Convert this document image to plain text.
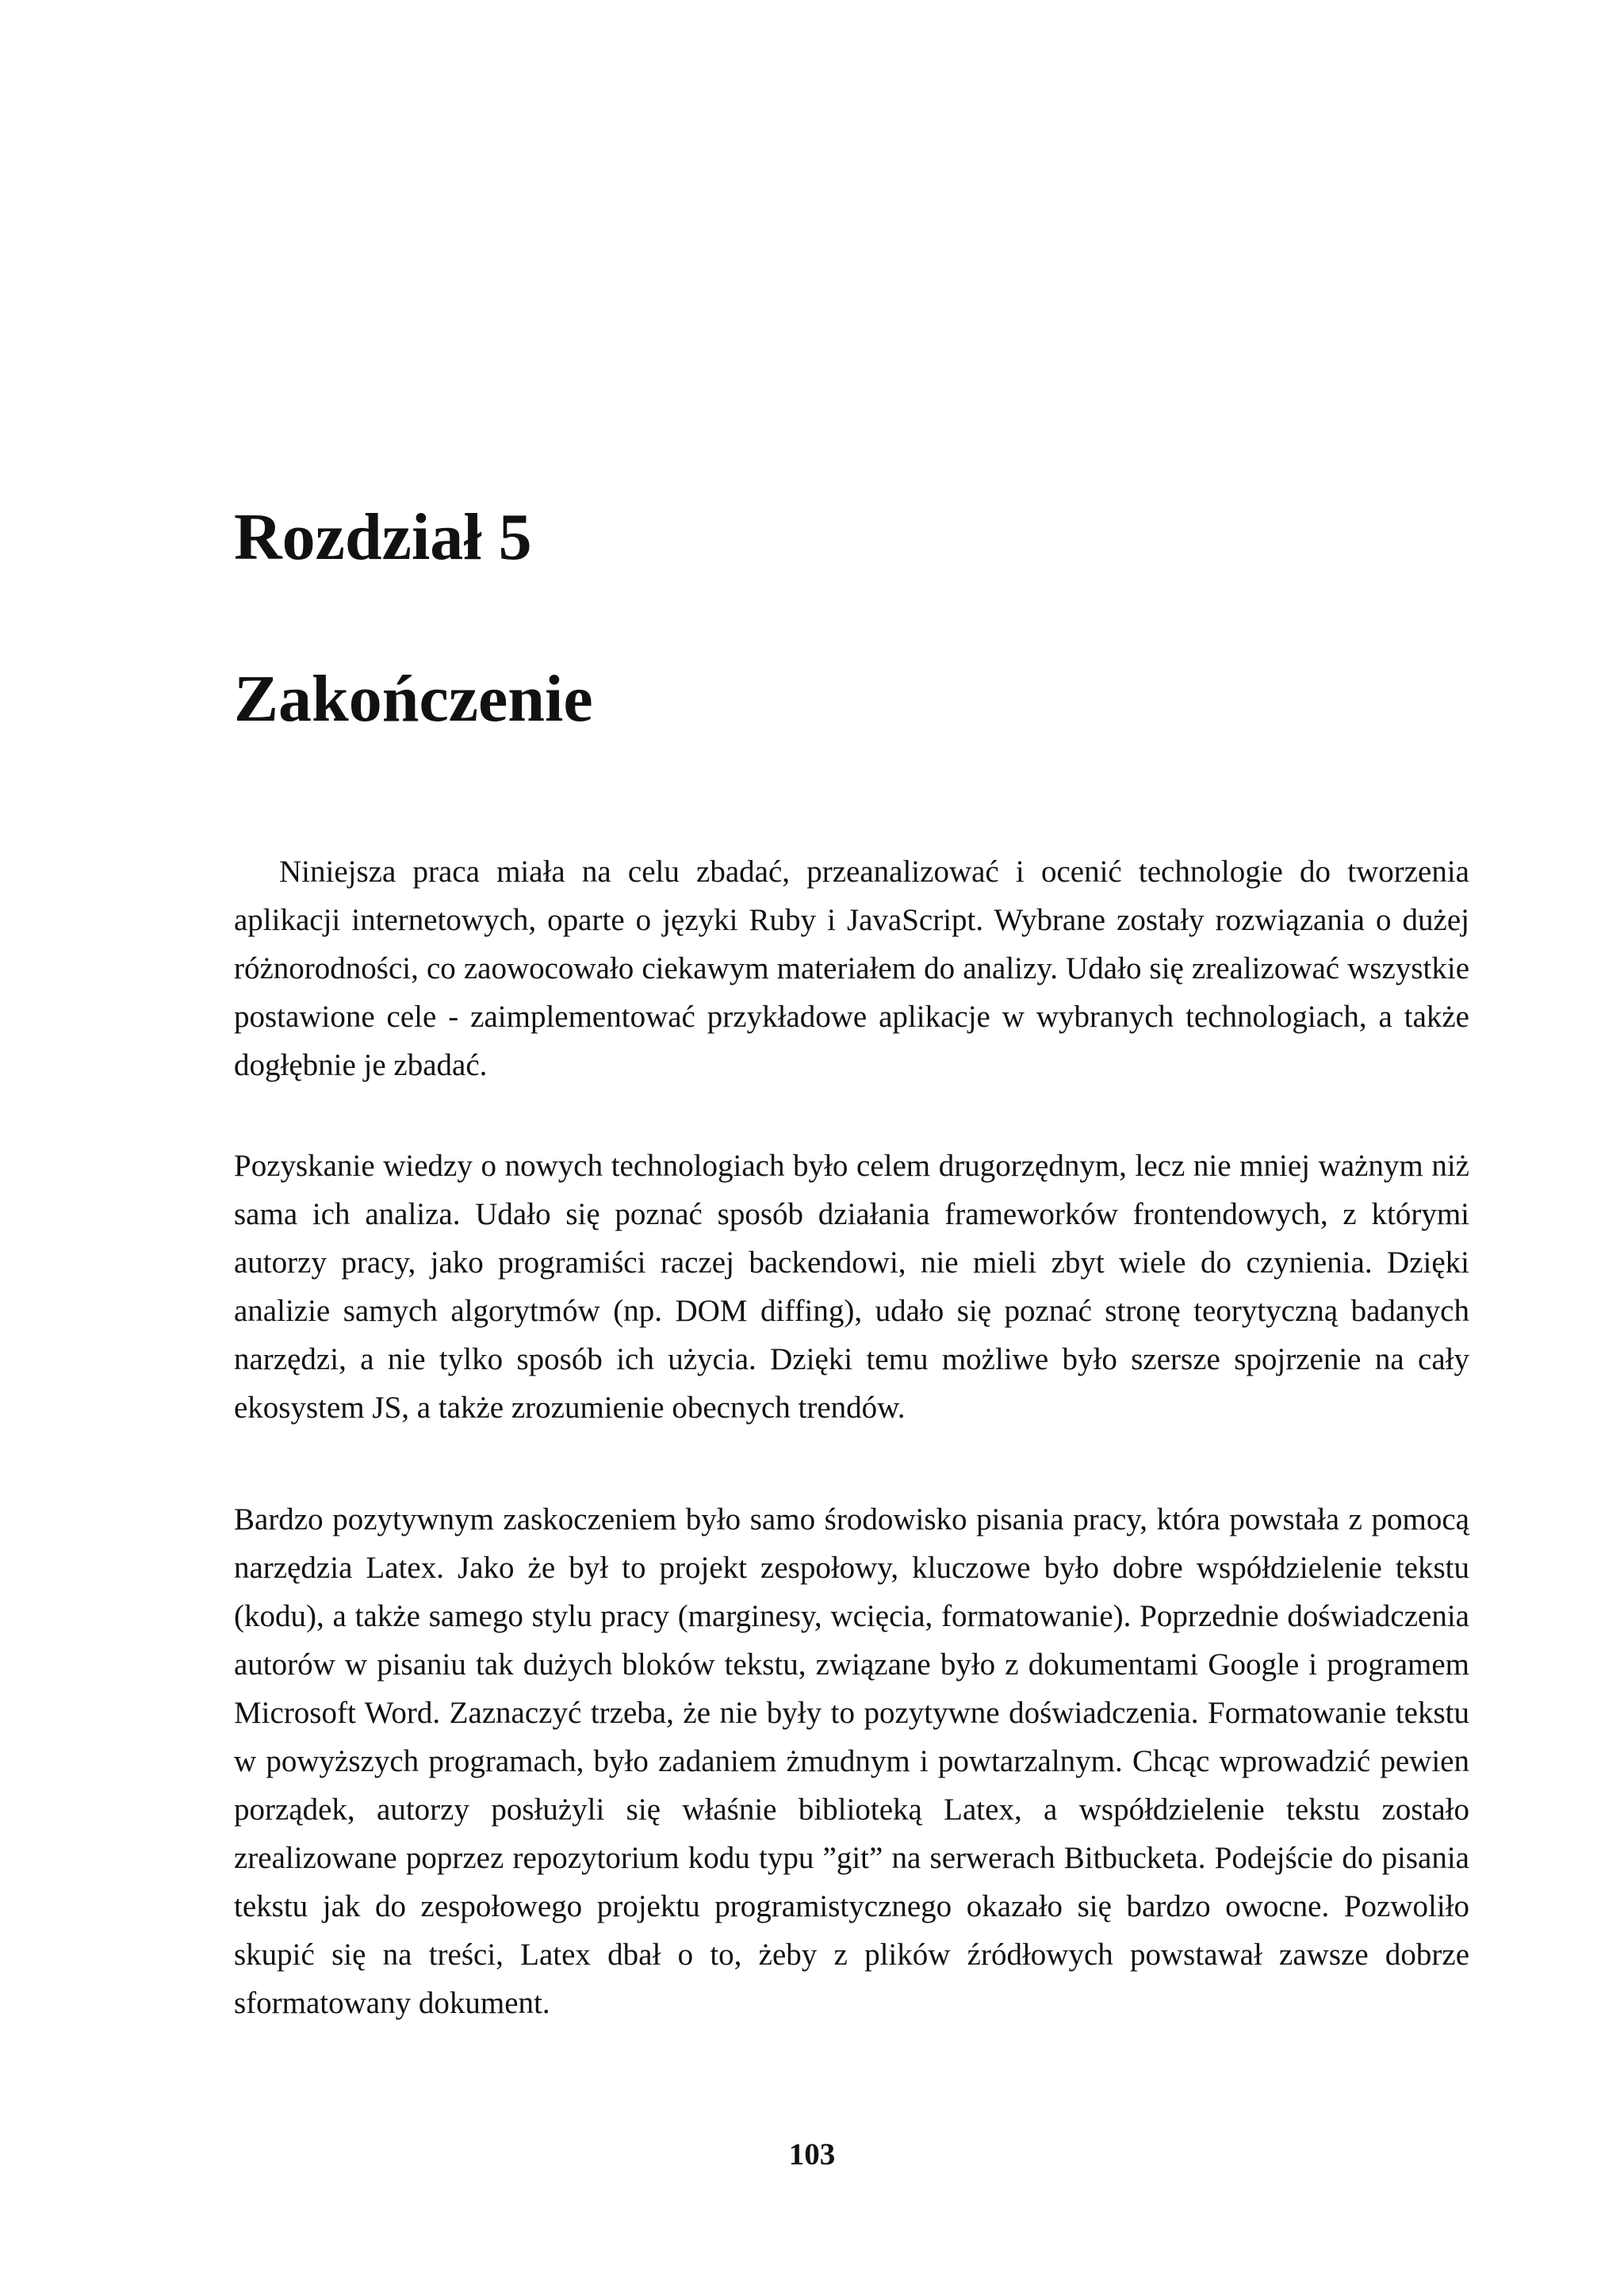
Rozdział 5
Zakończenie

Niniejsza praca miała na celu zbadać, przeanalizować i ocenić technologie do tworzenia aplikacji internetowych, oparte o języki Ruby i JavaScript. Wybrane zostały rozwiązania o dużej różnorodności, co zaowocowało ciekawym materiałem do analizy. Udało się zrealizować wszystkie postawione cele - zaimplementować przykładowe aplikacje w wybranych technologiach, a także dogłębnie je zbadać.

Pozyskanie wiedzy o nowych technologiach było celem drugorzędnym, lecz nie mniej ważnym niż sama ich analiza. Udało się poznać sposób działania frameworków frontendowych, z którymi autorzy pracy, jako programiści raczej backendowi, nie mieli zbyt wiele do czynienia. Dzięki analizie samych algorytmów (np. DOM diffing), udało się poznać stronę teorytyczną badanych narzędzi, a nie tylko sposób ich użycia. Dzięki temu możliwe było szersze spojrzenie na cały ekosystem JS, a także zrozumienie obecnych trendów.

Bardzo pozytywnym zaskoczeniem było samo środowisko pisania pracy, która powstała z pomocą narzędzia Latex. Jako że był to projekt zespołowy, kluczowe było dobre współdzielenie tekstu (kodu), a także samego stylu pracy (marginesy, wcięcia, formatowanie). Poprzednie doświadczenia autorów w pisaniu tak dużych bloków tekstu, związane było z dokumentami Google i programem Microsoft Word. Zaznaczyć trzeba, że nie były to pozytywne doświadczenia. Formatowanie tekstu w powyższych programach, było zadaniem żmudnym i powtarzalnym. Chcąc wprowadzić pewien porządek, autorzy posłużyli się właśnie biblioteką Latex, a współdzielenie tekstu zostało zrealizowane poprzez repozytorium kodu typu ”git” na serwerach Bitbucketa. Podejście do pisania tekstu jak do zespołowego projektu programistycznego okazało się bardzo owocne. Pozwoliło skupić się na treści, Latex dbał o to, żeby z plików źródłowych powstawał zawsze dobrze sformatowany dokument.

103
